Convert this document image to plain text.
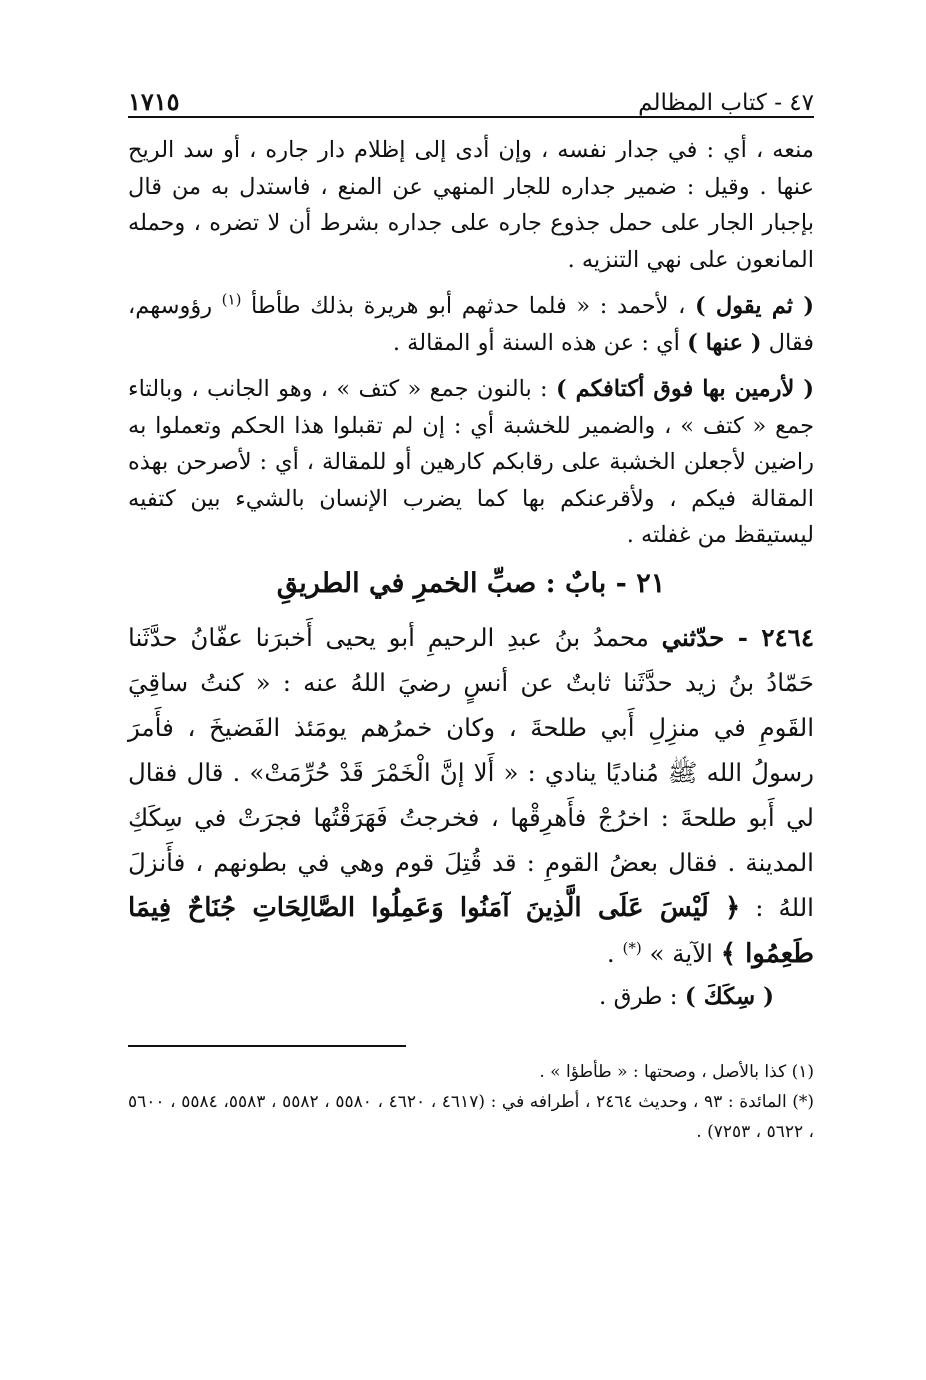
٤٧ - كتاب المظالم
١٧١٥

منعه ، أي : في جدار نفسه ، وإن أدى إلى إظلام دار جاره ، أو سد الريح عنها . وقيل : ضمير جداره للجار المنهي عن المنع ، فاستدل به من قال بإجبار الجار على حمل جذوع جاره على جداره بشرط أن لا تضره ، وحمله المانعون على نهي التنزيه .

( ثم يقول ) ، لأحمد : « فلما حدثهم أبو هريرة بذلك طأطأ $^{(١)}$ رؤوسهم، فقال ( عنها ) أي : عن هذه السنة أو المقالة .

( لأرمين بها فوق أكتافكم ) : بالنون جمع « كتف » ، وهو الجانب ، وبالتاء جمع « كتف » ، والضمير للخشبة أي : إن لم تقبلوا هذا الحكم وتعملوا به راضين لأجعلن الخشبة على رقابكم كارهين أو للمقالة ، أي : لأصرحن بهذه المقالة فيكم ، ولأقرعنكم بها كما يضرب الإنسان بالشيء بين كتفيه ليستيقظ من غفلته .

٢١ - بابٌ : صبِّ الخمرِ في الطريقِ

٢٤٦٤ - حدّثني محمدُ بنُ عبدِ الرحيمِ أبو يحيى أَخبرَنا عفّانُ حدَّثَنا حَمّادُ بنُ زيد حدَّثَنا ثابتٌ عن أنسٍ رضيَ اللهُ عنه : « كنتُ ساقِيَ القَومِ في منزِلِ أَبي طلحةَ ، وكان خمرُهم يومَئذ الفَضيخَ ، فأَمرَ رسولُ الله ﷺ مُناديًا ينادي : « أَلا إنَّ الْخَمْرَ قَدْ حُرِّمَتْ» . قال فقال لي أَبو طلحةَ : اخرُجْ فأَهرِقْها ، فخرجتُ فَهَرَقْتُها فجرَتْ في سِكَكِ المدينة . فقال بعضُ القومِ : قد قُتِلَ قوم وهي في بطونهم ، فأَنزلَ اللهُ : ﴿ لَيْسَ عَلَى الَّذِينَ آمَنُوا وَعَمِلُوا الصَّالِحَاتِ جُنَاحٌ فِيمَا طَعِمُوا ﴾ الآية » (*) .

( سِكَكَ ) : طرق .

(١) كذا بالأصل ، وصحتها : « طأطؤا » .

(*) المائدة : ٩٣ ، وحديث ٢٤٦٤ ، أطرافه في : (٤٦١٧ ، ٤٦٢٠ ، ٥٥٨٠ ، ٥٥٨٢ ، ٥٥٨٣، ٥٥٨٤ ، ٥٦٠٠ ، ٥٦٢٢ ، ٧٢٥٣) .
